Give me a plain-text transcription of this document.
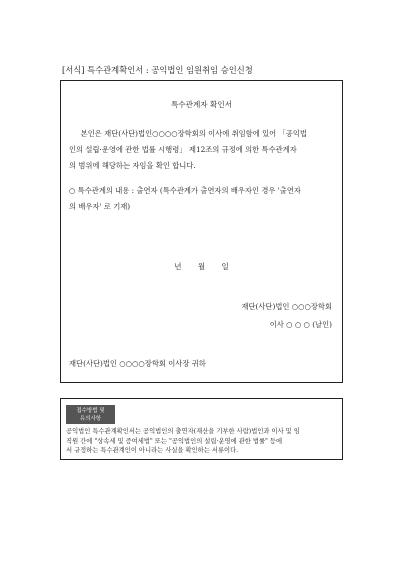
[서식] 특수관계확인서 : 공익법인 임원취임 승인신청
특수관계자 확인서
본인은 재단(사단)법인○○○○장학회의 이사에 취임함에 있어 「공익법
인의 설립·운영에 관한 법률 시행령」 제12조의 규정에 의한 특수관계자
의 범위에 해당하는 자임을 확인 합니다.
○ 특수관계의 내용 : 출연자 (특수관계가 출연자의 배우자인 경우 '출연자
의 배우자' 로 기재)
년 월 일
재단(사단)법인 ○○○장학회
이사 ○ ○ ○ (날인)
재단(사단)법인 ○○○○장학회 이사장 귀하
접수방법 및
유의사항
공익법인 특수관계확인서는 공익법인의 출연자(재산을 기부한 사람)법인과 이사 및 임
직원 간에 "상속세 및 증여세법" 또는 "공익법인의 설립·운영에 관한 법률" 등에
서 규정하는 특수관계인이 아니라는 사실을 확인하는 서류이다.
